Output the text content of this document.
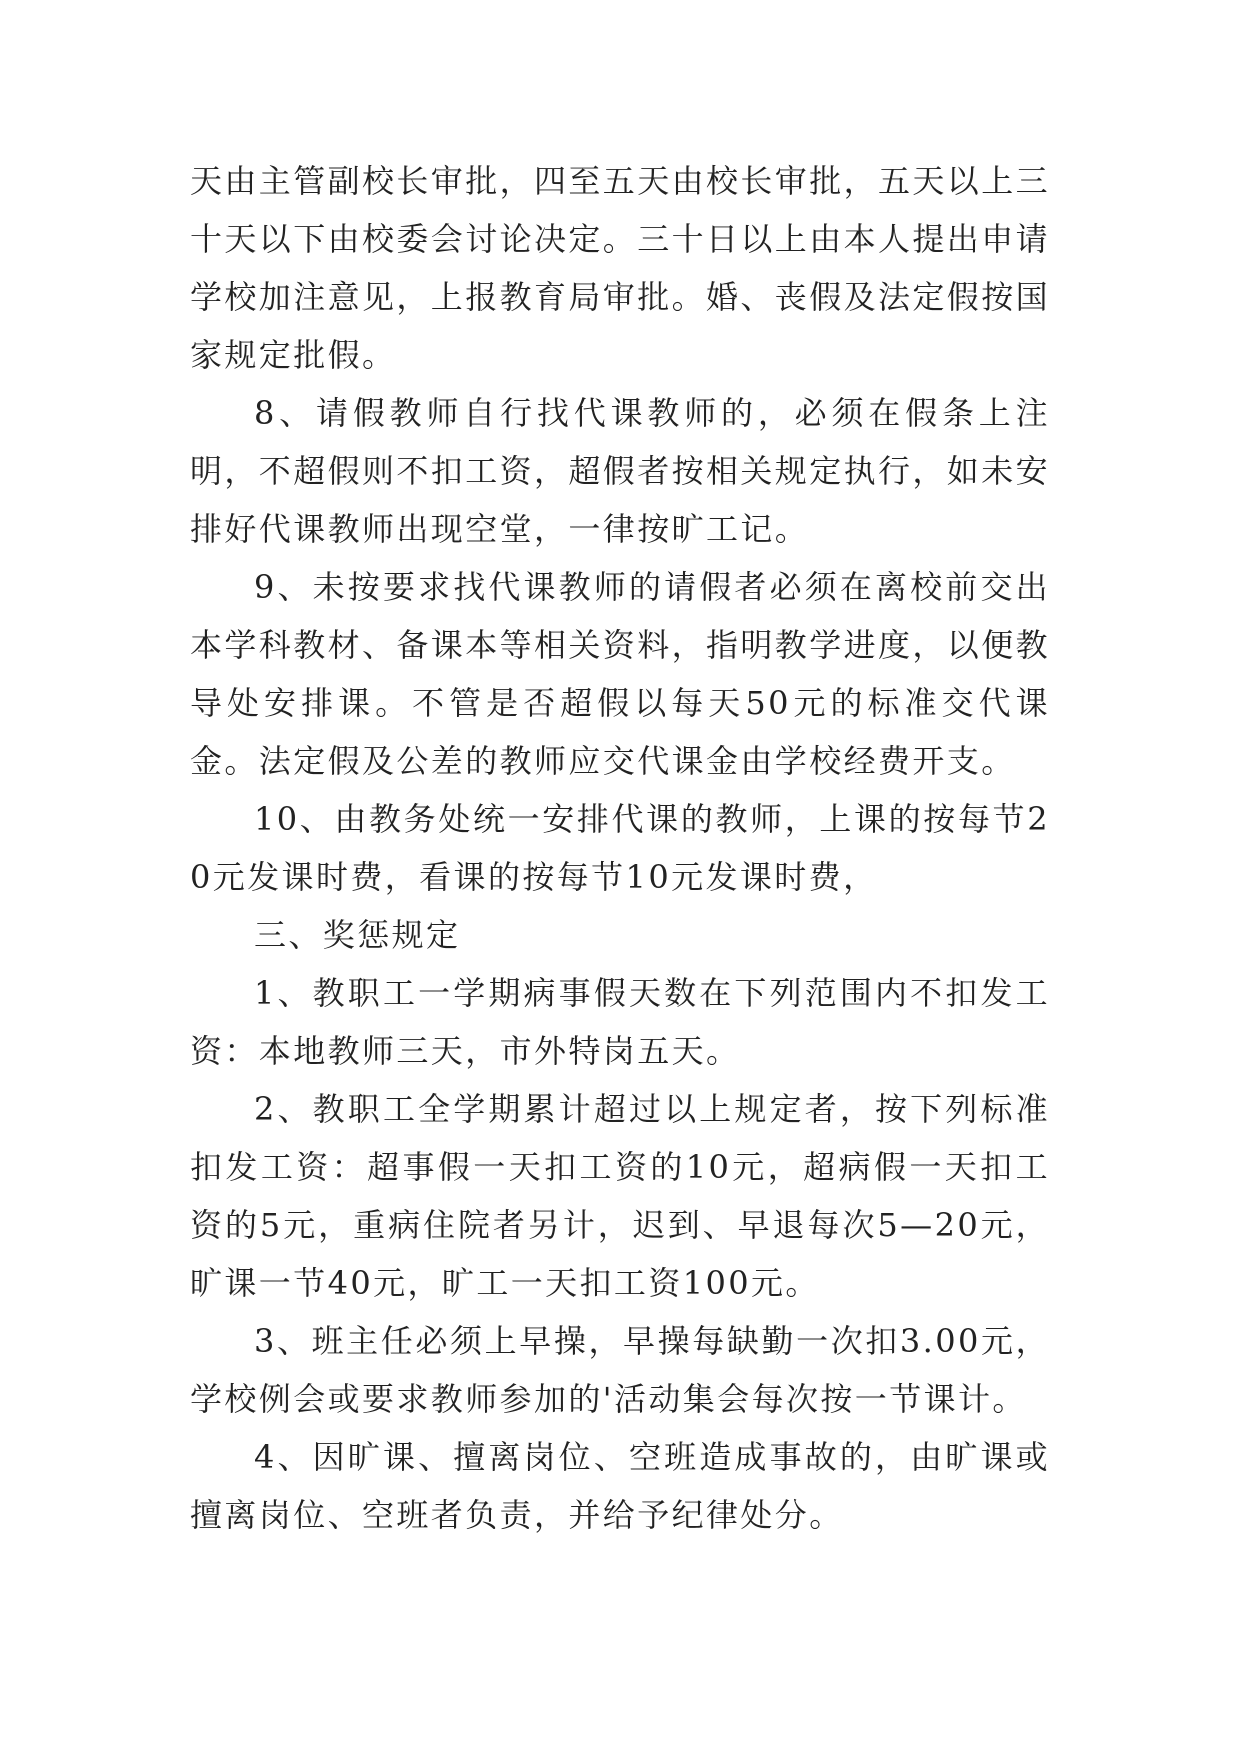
天由主管副校长审批，四至五天由校长审批，五天以上三十天以下由校委会讨论决定。三十日以上由本人提出申请学校加注意见，上报教育局审批。婚、丧假及法定假按国家规定批假。

8、请假教师自行找代课教师的，必须在假条上注明，不超假则不扣工资，超假者按相关规定执行，如未安排好代课教师出现空堂，一律按旷工记。

9、未按要求找代课教师的请假者必须在离校前交出本学科教材、备课本等相关资料，指明教学进度，以便教导处安排课。不管是否超假以每天50元的标准交代课金。法定假及公差的教师应交代课金由学校经费开支。

10、由教务处统一安排代课的教师，上课的按每节20元发课时费，看课的按每节10元发课时费，

三、奖惩规定

1、教职工一学期病事假天数在下列范围内不扣发工资：本地教师三天，市外特岗五天。

2、教职工全学期累计超过以上规定者，按下列标准扣发工资：超事假一天扣工资的10元，超病假一天扣工资的5元，重病住院者另计，迟到、早退每次5—20元，旷课一节40元，旷工一天扣工资100元。

3、班主任必须上早操，早操每缺勤一次扣3.00元，学校例会或要求教师参加的'活动集会每次按一节课计。

4、因旷课、擅离岗位、空班造成事故的，由旷课或擅离岗位、空班者负责，并给予纪律处分。
